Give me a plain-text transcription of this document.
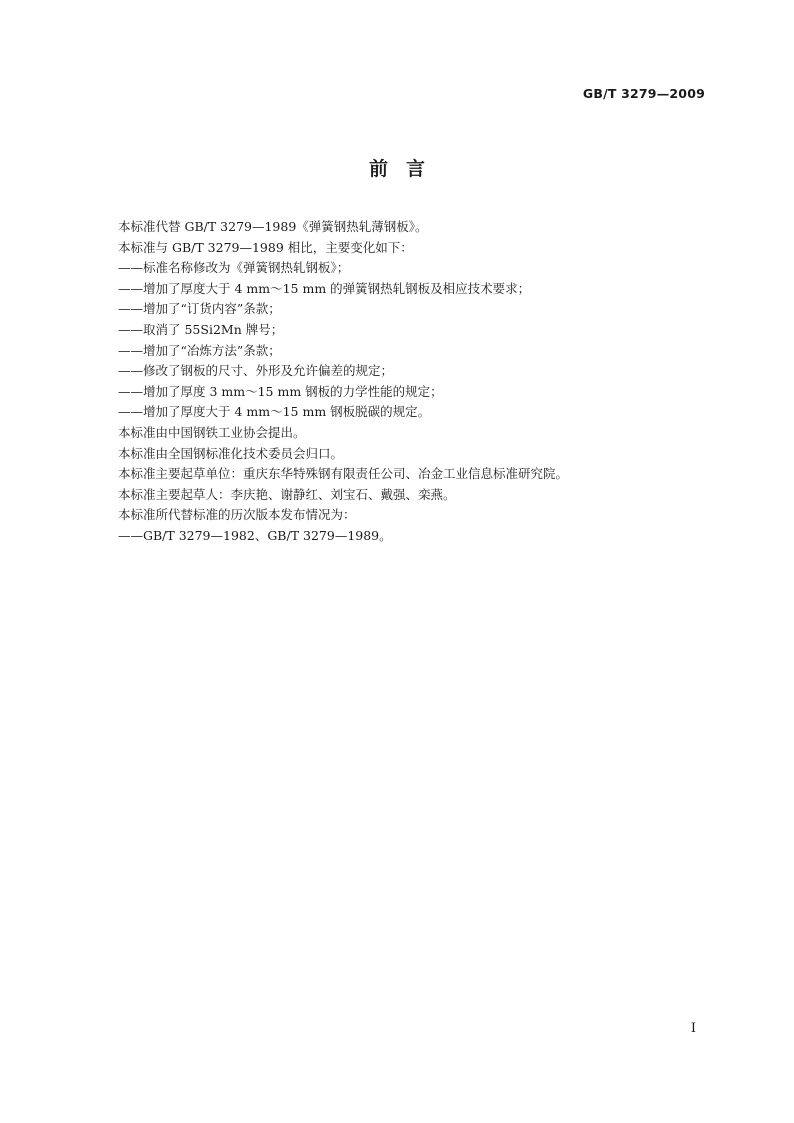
GB/T 3279—2009
前言

本标准代替 GB/T 3279—1989《弹簧钢热轧薄钢板》。

本标准与 GB/T 3279—1989 相比，主要变化如下：

——标准名称修改为《弹簧钢热轧钢板》；

——增加了厚度大于 4 mm～15 mm 的弹簧钢热轧钢板及相应技术要求；

——增加了“订货内容”条款；

——取消了 55Si2Mn 牌号；

——增加了“冶炼方法”条款；

——修改了钢板的尺寸、外形及允许偏差的规定；

——增加了厚度 3 mm～15 mm 钢板的力学性能的规定；

——增加了厚度大于 4 mm～15 mm 钢板脱碳的规定。

本标准由中国钢铁工业协会提出。

本标准由全国钢标准化技术委员会归口。

本标准主要起草单位：重庆东华特殊钢有限责任公司、冶金工业信息标准研究院。

本标准主要起草人：李庆艳、谢静红、刘宝石、戴强、栾燕。

本标准所代替标准的历次版本发布情况为：

——GB/T 3279—1982、GB/T 3279—1989。

I
